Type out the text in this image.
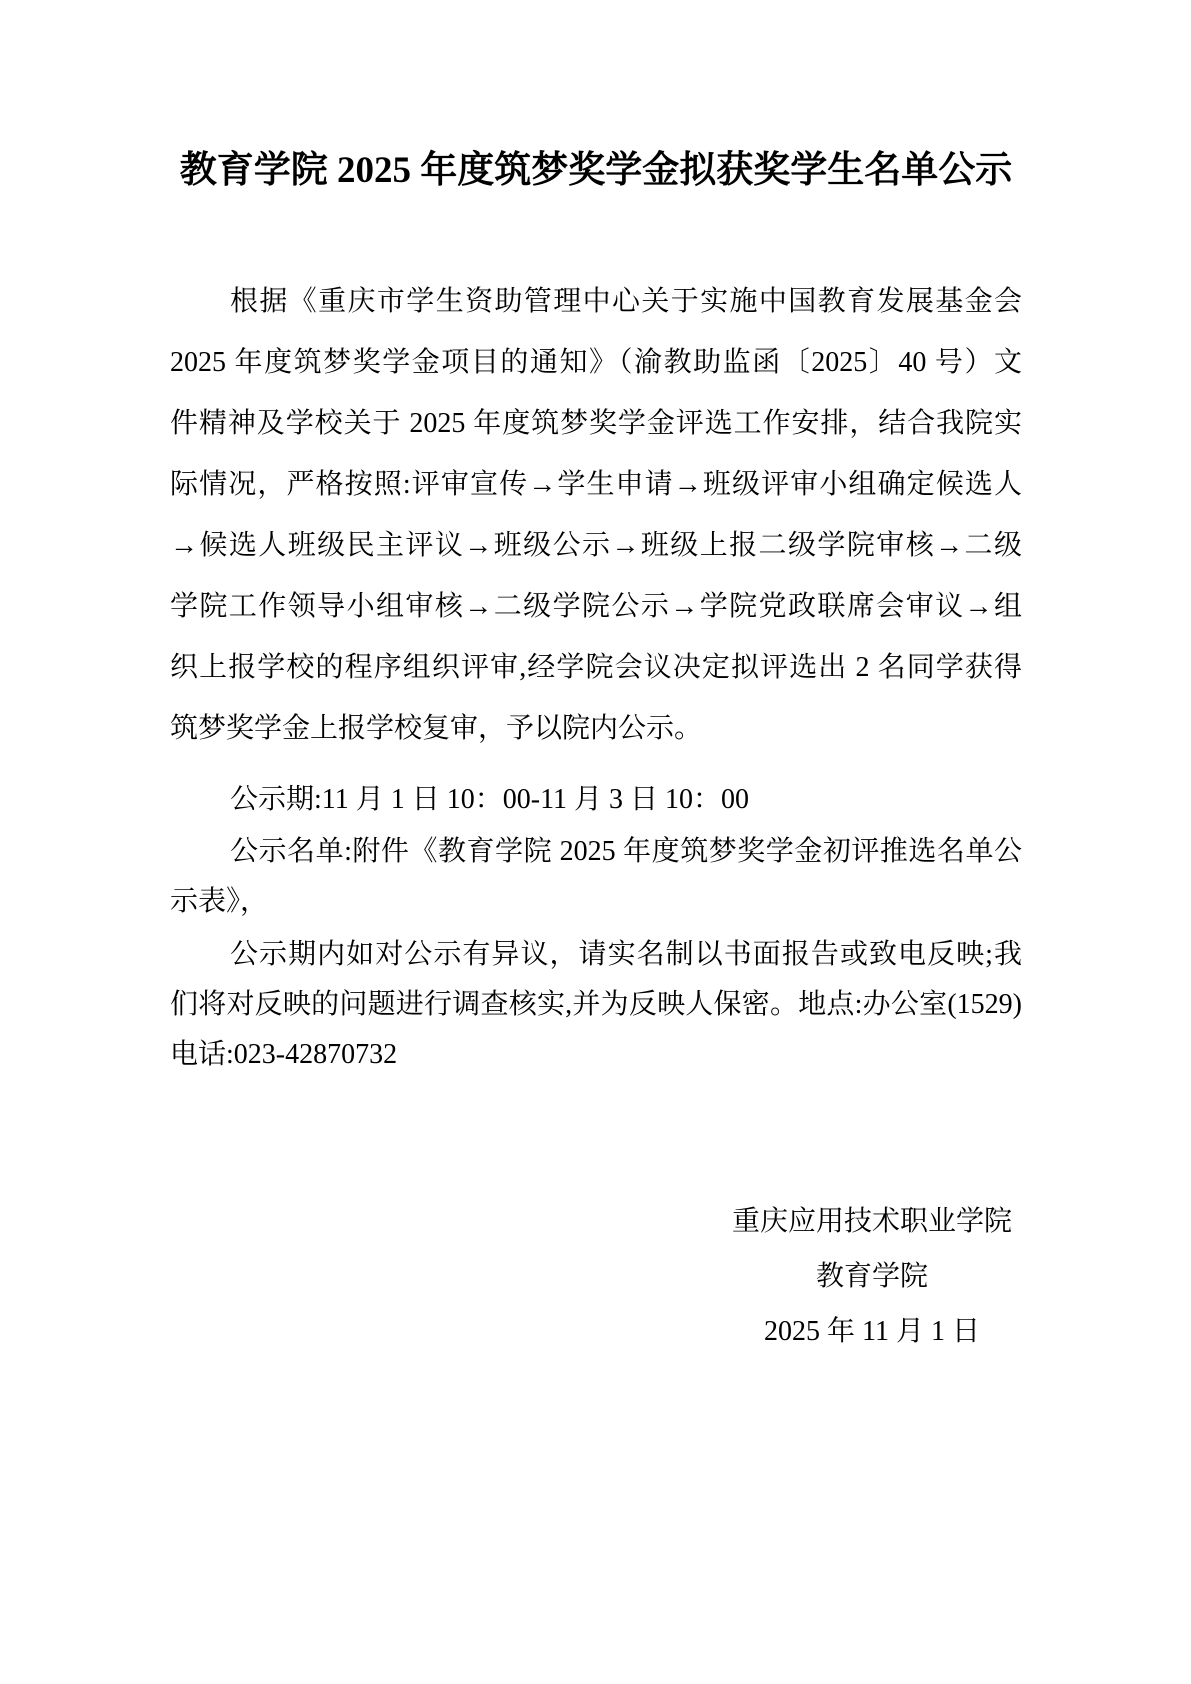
教育学院 2025 年度筑梦奖学金拟获奖学生名单公示
根据《重庆市学生资助管理中心关于实施中国教育发展基金会
2025 年度筑梦奖学金项目的通知》（渝教助监函〔2025〕40 号）文
件精神及学校关于 2025 年度筑梦奖学金评选工作安排，结合我院实
际情况，严格按照:评审宣传→学生申请→班级评审小组确定候选人
→候选人班级民主评议→班级公示→班级上报二级学院审核→二级
学院工作领导小组审核→二级学院公示→学院党政联席会审议→组
织上报学校的程序组织评审,经学院会议决定拟评选出 2 名同学获得
筑梦奖学金上报学校复审，予以院内公示。
公示期:11 月 1 日 10：00-11 月 3 日 10：00
公示名单:附件《教育学院 2025 年度筑梦奖学金初评推选名单公
示表》，
公示期内如对公示有异议，请实名制以书面报告或致电反映;我
们将对反映的问题进行调查核实,并为反映人保密。地点:办公室(1529)
电话:023-42870732
重庆应用技术职业学院
教育学院
2025 年 11 月 1 日
